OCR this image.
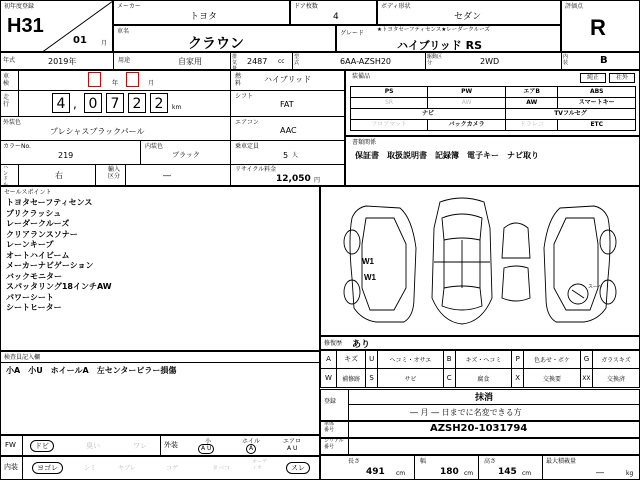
初年度登録
H31
01 月
メーカー
トヨタ
ドア枚数
4
ボディ形状
セダン
評価点
R
車名
クラウン
★トヨタセーフティセンス★レーダークルーズ
グレード
ハイブリッド RS
年式	2019年	用途	自家用	排気量
2487 cc
型式	6AA-AZSH20	駆動区分	2WD	内装	B
車検	年	月
燃料	ハイブリッド
走行	4 , 0 7 2 2	km
シフト
FAT
外装色
プレシャスブラックパール
エアコン
AAC
カラーNo.
219
内装色
ブラック
乗車定員
5 人
ハンドル
右
輸入区分	―
リサイクル料金
12,050 円
装備品	純正	社外
PS	PW	エアB	ABS
SR	AW	AW	スマートキー
ナビ		TVフルセグ	
フロアマット	バックカメラ	ドラレコ	ETC
書類関係
保証書　取扱説明書　記録簿　電子キー　ナビ取り
セールスポイント
トヨタセーフティセンス
プリクラッシュ
レーダークルーズ
クリアランスソナー
レーンキープ
オートハイビーム
メーカーナビゲーション
バックモニター
スパッタリング18インチAW
パワーシート
シートヒーター
W1
W1
スーパ
検査員記入欄
小A　小U　ホイールA　左センターピラー損傷
修復歴 あり
A	キズ	U	ヘコミ・オサエ	B	キズ・ヘコミ	P	色あせ・ボケ	G	ガラスキズ
W	補修跡	S	サビ	C	腐食	X	交換要	XX	交換済
登録	抹消
― 月 ― 日までに名変できる方
車体番号	AZSH20-1031794
シリアル番号
FW	ドビ	臭い	ワレ 外装	小
A U
ホイル
A
エアロ
A U
内装	ヨゴレ	シミ	ヤブレ	コゲ	タバコ
オーディオ	スレ
長さ
491 cm
幅
180 cm
高さ
145 cm
最大積載量
―	kg
